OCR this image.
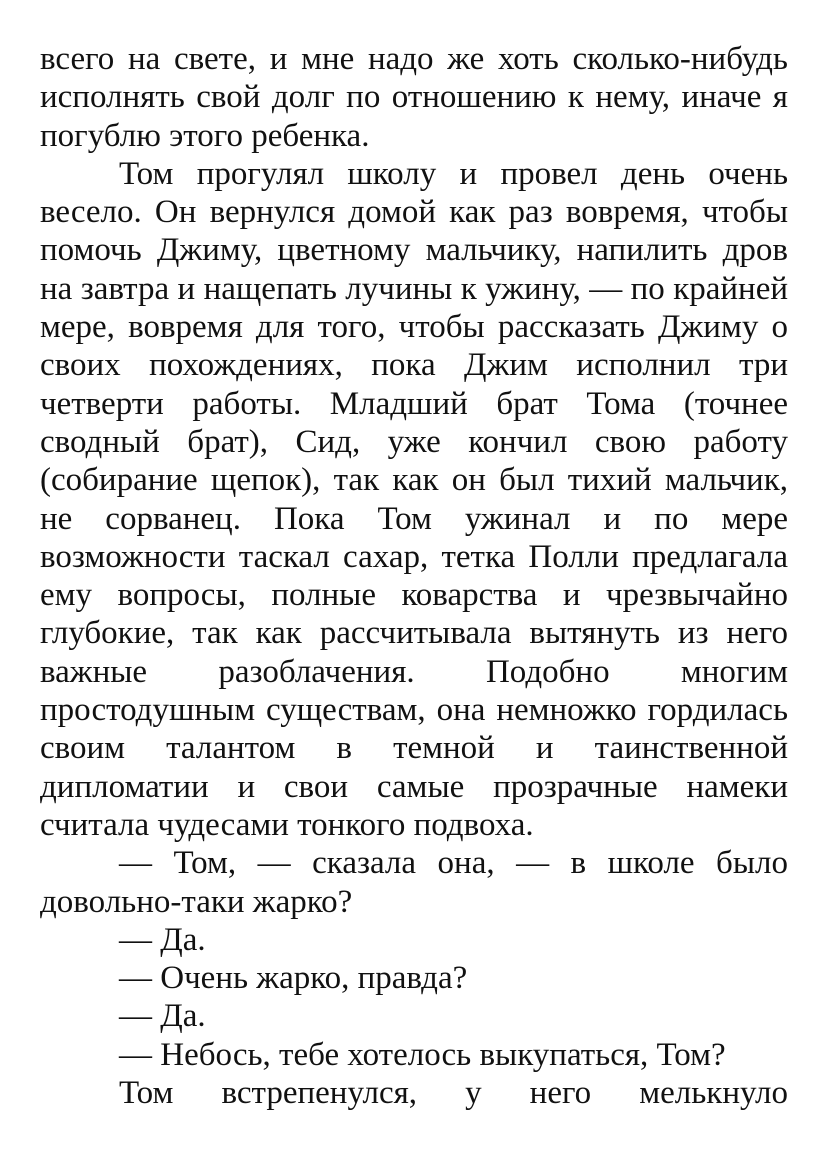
всего на свете, и мне надо же хоть сколько-нибудь исполнять свой долг по отношению к нему, иначе я погублю этого ребенка.

Том прогулял школу и провел день очень весело. Он вернулся домой как раз вовремя, чтобы помочь Джиму, цветному мальчику, напилить дров на завтра и нащепать лучины к ужину, — по крайней мере, вовремя для того, чтобы рассказать Джиму о своих похождениях, пока Джим исполнил три четверти работы. Младший брат Тома (точнее сводный брат), Сид, уже кончил свою работу (собирание щепок), так как он был тихий мальчик, не сорванец. Пока Том ужинал и по мере возможности таскал сахар, тетка Полли предлагала ему вопросы, полные коварства и чрезвычайно глубокие, так как рассчитывала вытянуть из него важные разоблачения. Подобно многим простодушным существам, она немножко гордилась своим талантом в темной и таинственной дипломатии и свои самые прозрачные намеки считала чудесами тонкого подвоха.

— Том, — сказала она, — в школе было довольно-таки жарко?

— Да.

— Очень жарко, правда?

— Да.

— Небось, тебе хотелось выкупаться, Том?

Том встрепенулся, у него мелькнуло
